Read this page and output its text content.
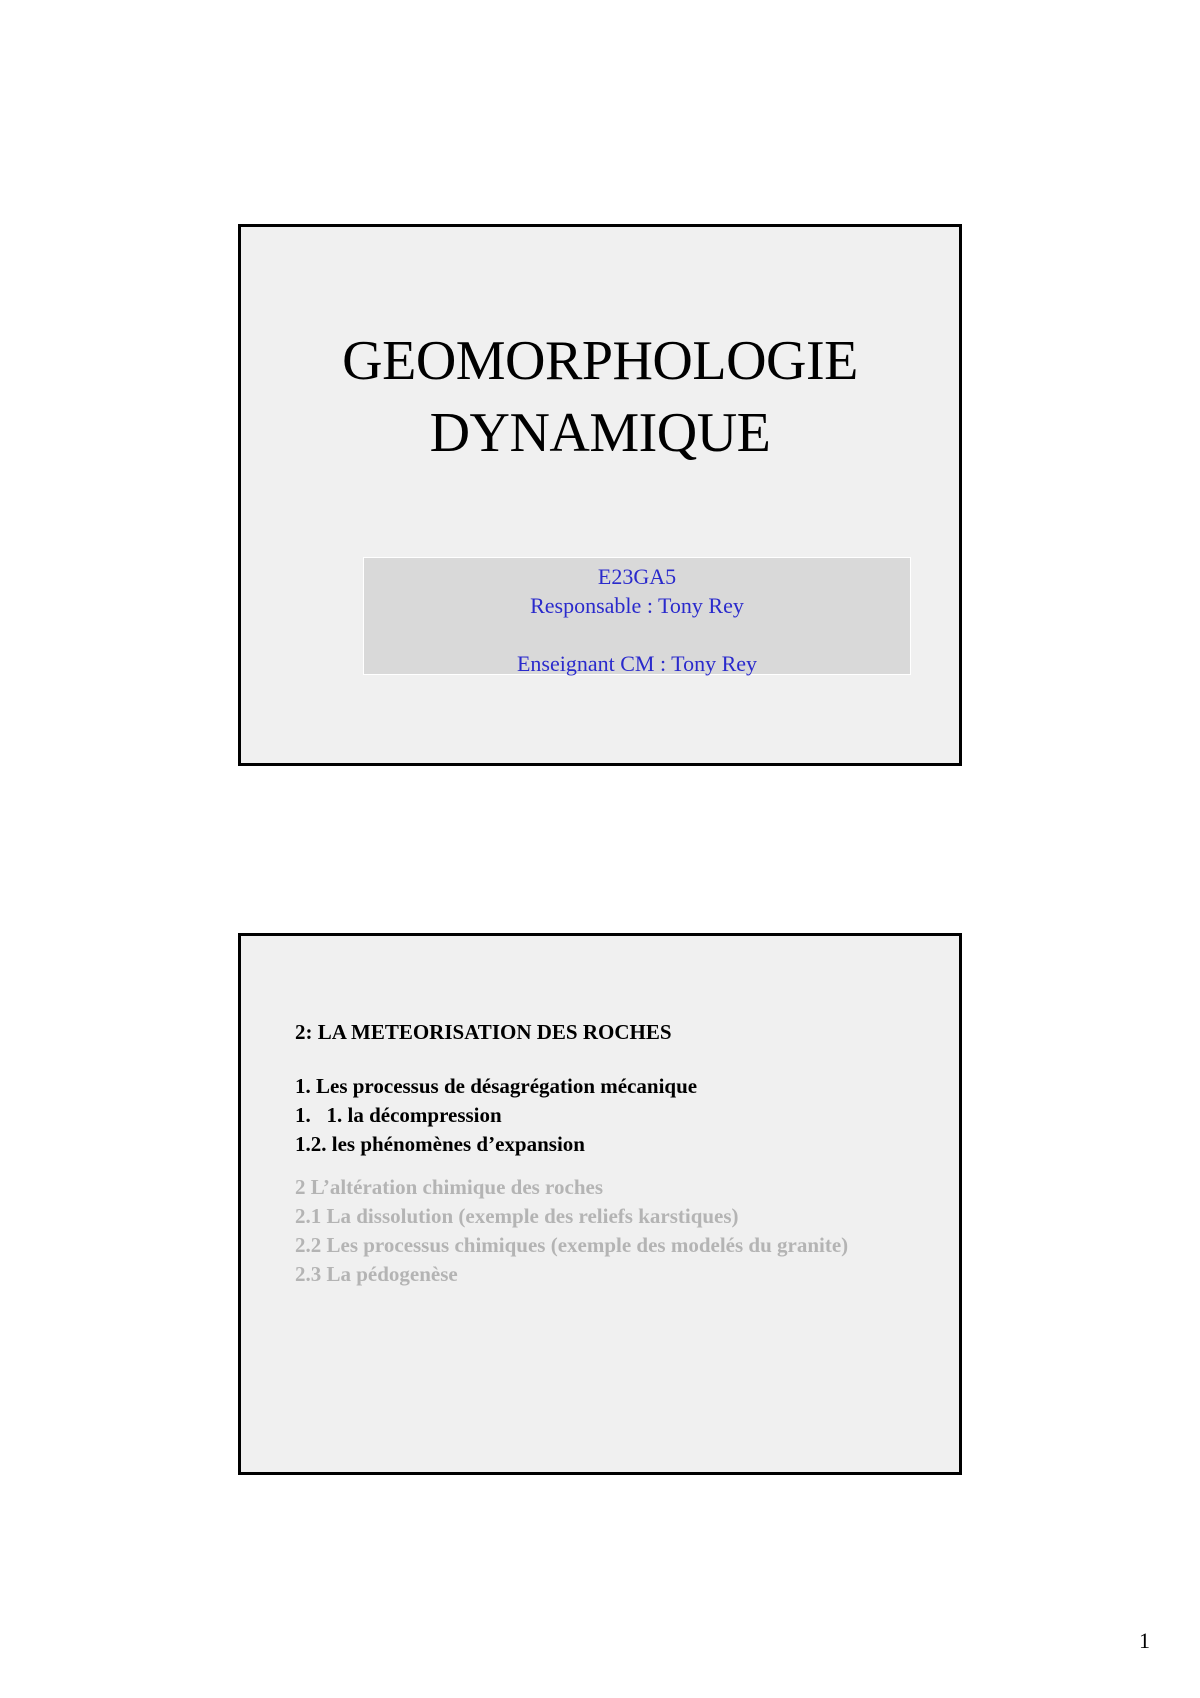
GEOMORPHOLOGIE
DYNAMIQUE
E23GA5
Responsable : Tony Rey
Enseignant CM : Tony Rey
2: LA METEORISATION DES ROCHES
1. Les processus de désagrégation mécanique
1.   1. la décompression
1.2. les phénomènes d’expansion
2 L’altération chimique des roches
2.1 La dissolution (exemple des reliefs karstiques)
2.2 Les processus chimiques (exemple des modelés du granite)
2.3 La pédogenèse
1
